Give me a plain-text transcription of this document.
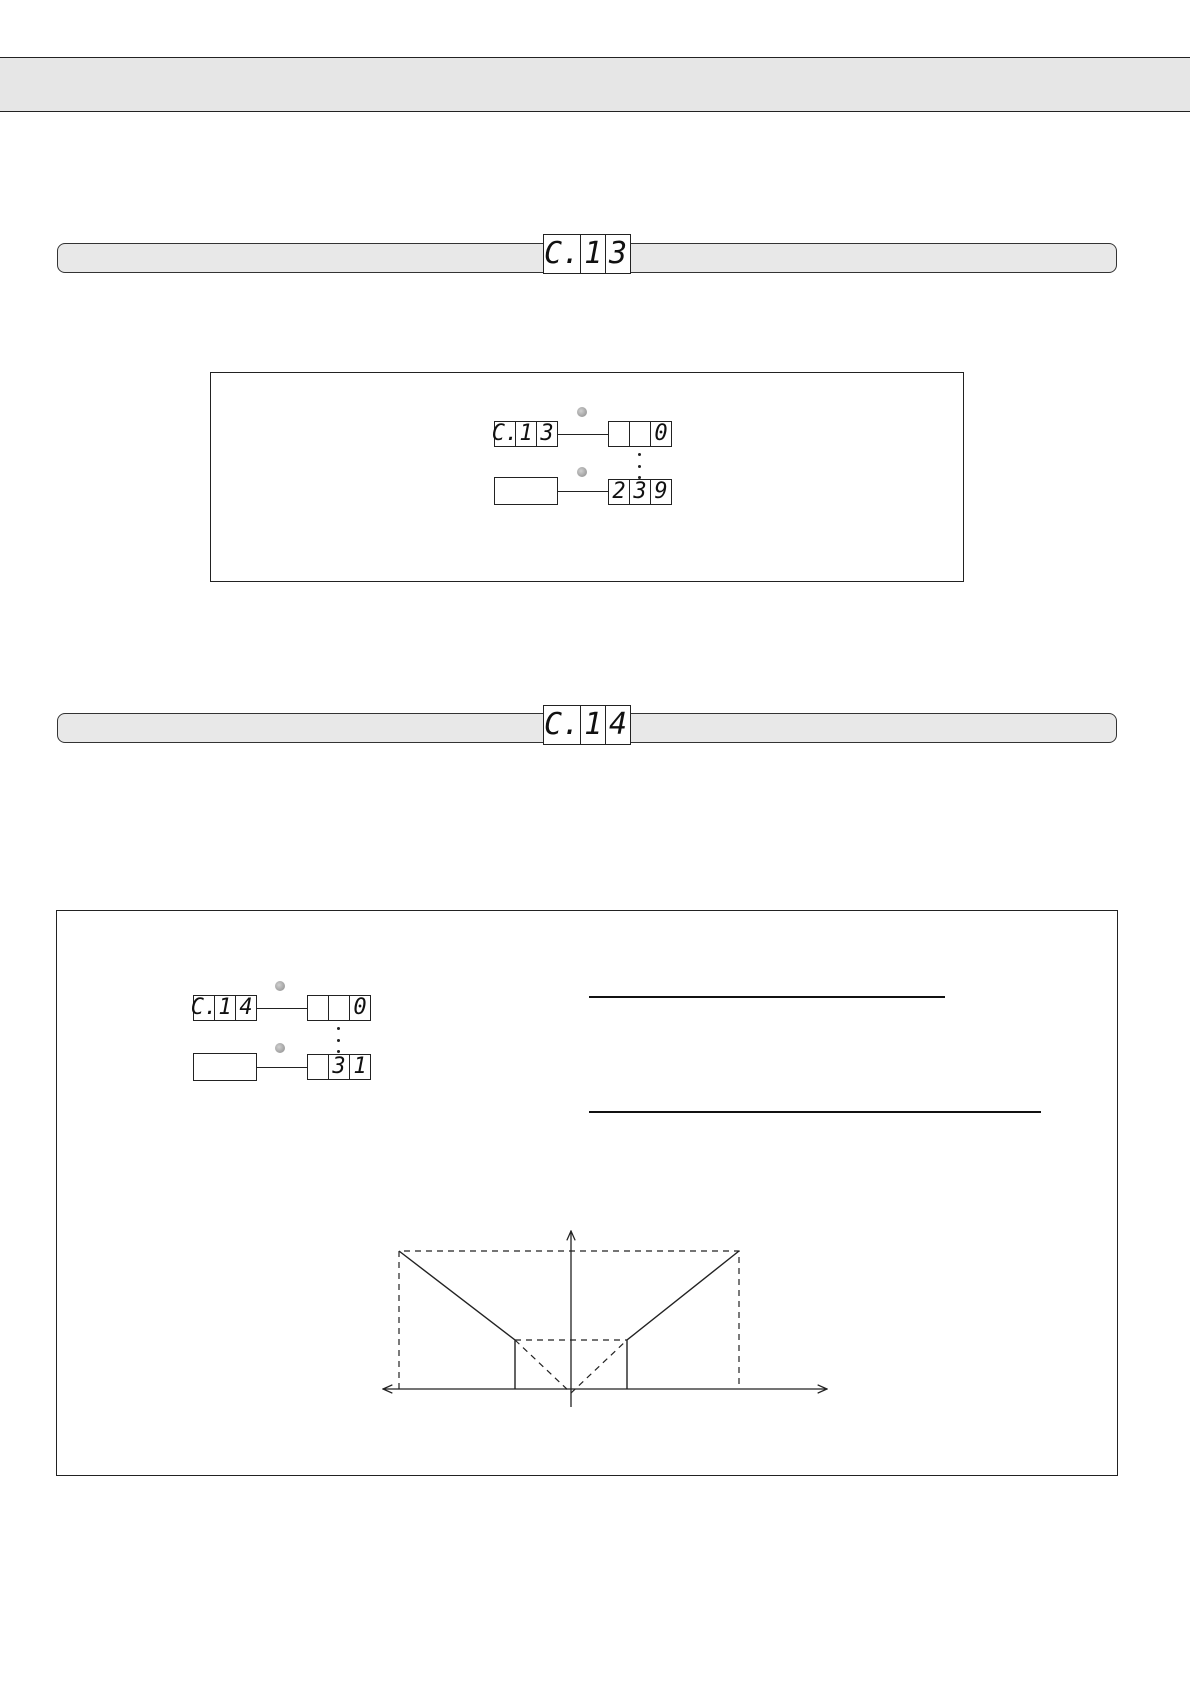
C. 1 3
C. 1 3	0
2 3 9
C. 1 4
C. 1 4	0
3 1
